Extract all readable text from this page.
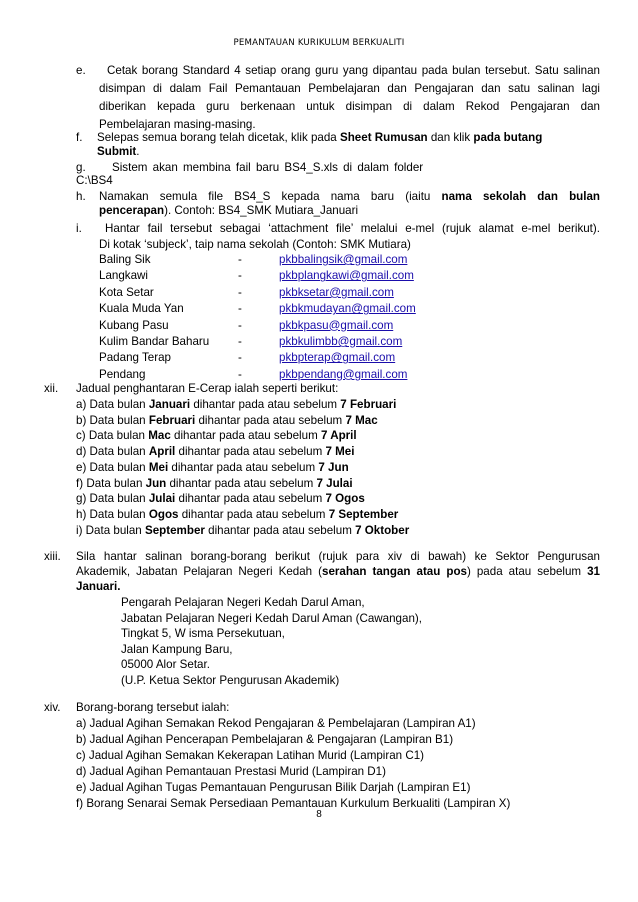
PEMANTAUAN KURIKULUM BERKUALITI
e.	Cetak borang Standard 4 setiap orang guru yang dipantau pada bulan tersebut. Satu salinan
disimpan di dalam Fail Pemantauan Pembelajaran dan Pengajaran dan satu salinan lagi
diberikan kepada guru berkenaan untuk disimpan di dalam Rekod Pengajaran dan
Pembelajaran masing-masing.
f. Selepas semua borang telah dicetak, klik pada Sheet Rumusan dan klik pada butang
Submit.
g. Sistem akan membina fail baru BS4_S.xls di dalam folder
C:\BS4
h. Namakan semula file BS4_S kepada nama baru (iaitu nama sekolah dan bulan
pencerapan). Contoh: BS4_SMK Mutiara_Januari
i.	Hantar fail tersebut sebagai ‘attachment file’ melalui e-mel (rujuk alamat e-mel berikut).
Di kotak ‘subjeck’, taip nama sekolah (Contoh: SMK Mutiara)
Baling Sik	-	pkbbalingsik@gmail.com
Langkawi	-	pkbplangkawi@gmail.com
Kota Setar	-	pkbksetar@gmail.com
Kuala Muda Yan	-	pkbkmudayan@gmail.com
Kubang Pasu	-	pkbkpasu@gmail.com
Kulim Bandar Baharu -	pkbkulimbb@gmail.com
Padang Terap	-	pkbpterap@gmail.com
Pendang	-	pkbpendang@gmail.com
xii. Jadual penghantaran E-Cerap ialah seperti berikut:
a) Data bulan Januari dihantar pada atau sebelum 7 Februari
b) Data bulan Februari dihantar pada atau sebelum 7 Mac
c) Data bulan Mac dihantar pada atau sebelum 7 April
d) Data bulan April dihantar pada atau sebelum 7 Mei
e) Data bulan Mei dihantar pada atau sebelum 7 Jun
f) Data bulan Jun dihantar pada atau sebelum 7 Julai
g) Data bulan Julai dihantar pada atau sebelum 7 Ogos
h) Data bulan Ogos dihantar pada atau sebelum 7 September
i) Data bulan September dihantar pada atau sebelum 7 Oktober
xiii. Sila hantar salinan borang-borang berikut (rujuk para xiv di bawah) ke Sektor Pengurusan
Akademik, Jabatan Pelajaran Negeri Kedah (serahan tangan atau pos) pada atau sebelum 31
Januari.
Pengarah Pelajaran Negeri Kedah Darul Aman,
Jabatan Pelajaran Negeri Kedah Darul Aman (Cawangan),
Tingkat 5, W isma Persekutuan,
Jalan Kampung Baru,
05000 Alor Setar.
(U.P. Ketua Sektor Pengurusan Akademik)
xiv. Borang-borang tersebut ialah:
a) Jadual Agihan Semakan Rekod Pengajaran & Pembelajaran (Lampiran A1)
b) Jadual Agihan Pencerapan Pembelajaran & Pengajaran (Lampiran B1)
c) Jadual Agihan Semakan Kekerapan Latihan Murid (Lampiran C1)
d) Jadual Agihan Pemantauan Prestasi Murid (Lampiran D1)
e) Jadual Agihan Tugas Pemantauan Pengurusan Bilik Darjah (Lampiran E1)
f) Borang Senarai Semak Persediaan Pemantauan Kurkulum Berkualiti (Lampiran X)
8
